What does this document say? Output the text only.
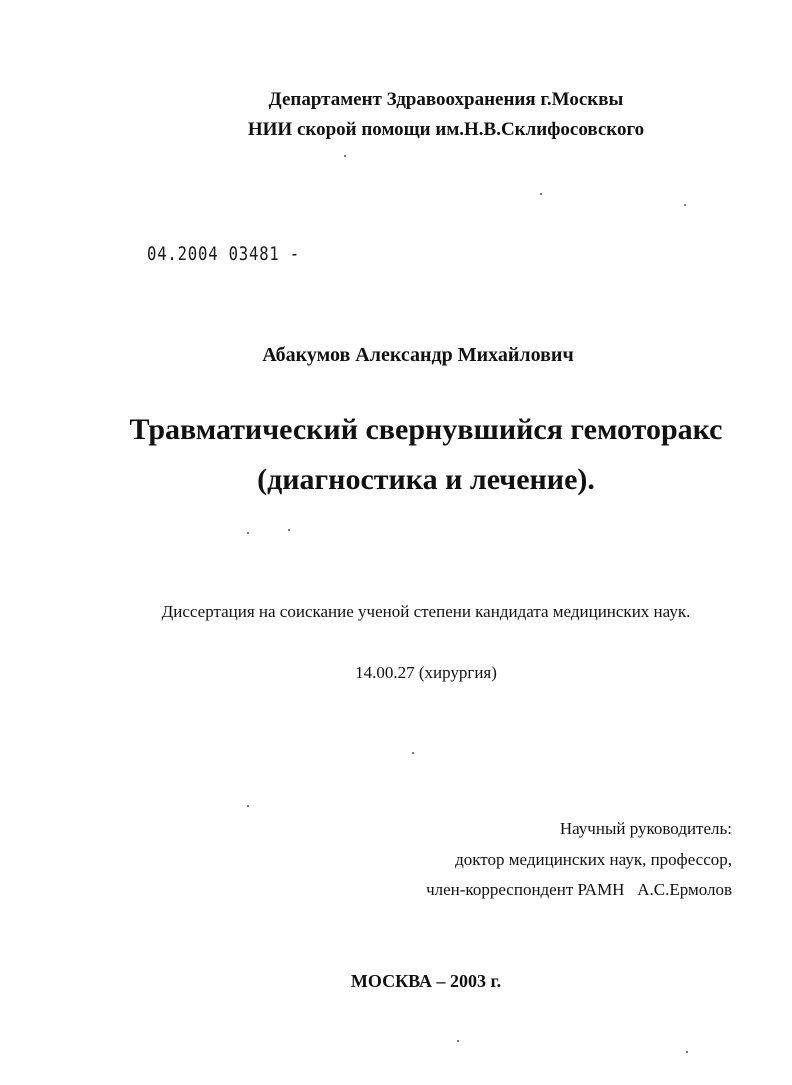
Департамент Здравоохранения г.Москвы
НИИ скорой помощи им.Н.В.Склифосовского
04.2004 03481 -
Абакумов Александр Михайлович
Травматический свернувшийся гемоторакс
(диагностика и лечение).
Диссертация на соискание ученой степени кандидата медицинских наук.
14.00.27 (хирургия)
Научный руководитель:
доктор медицинских наук, профессор,
член-корреспондент РАМН   А.С.Ермолов
МОСКВА – 2003 г.
